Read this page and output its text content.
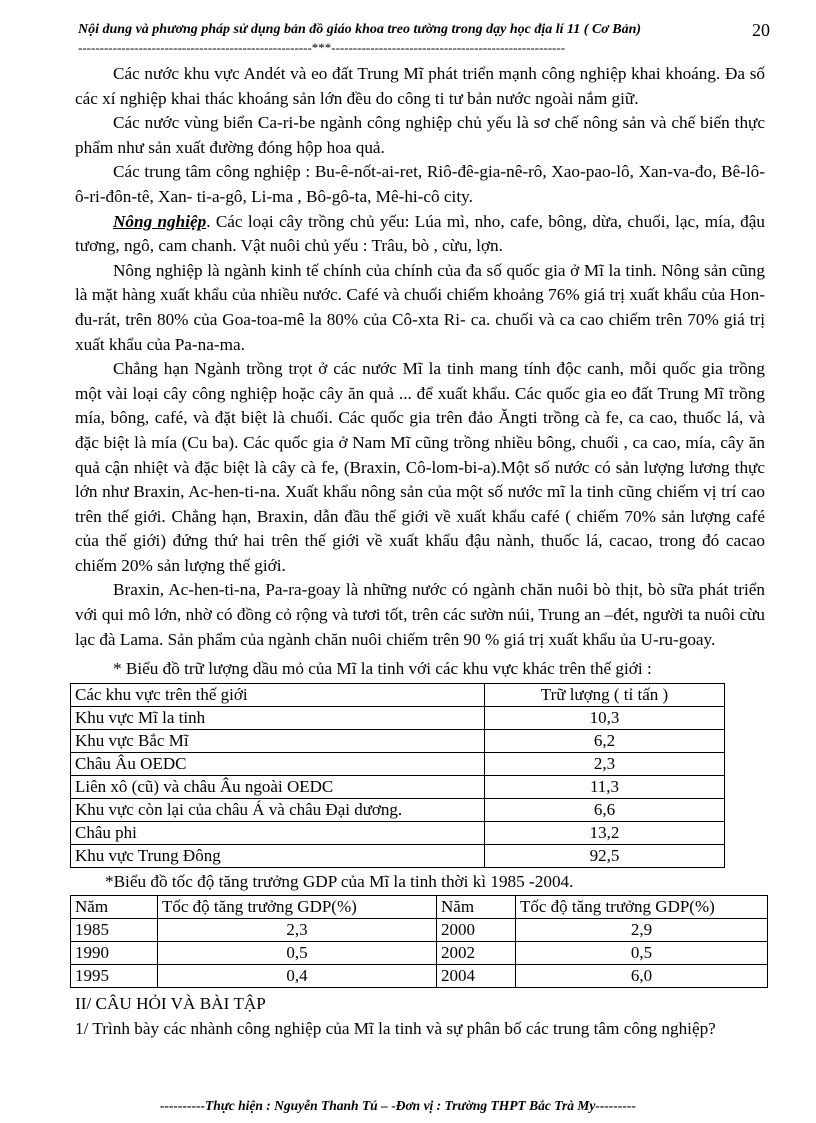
Nội dung và phương pháp sử dụng bản đồ giáo khoa treo tường trong dạy học địa lí 11 ( Cơ Bản)	20
------------------------------------------------------***------------------------------------------------------

Các nước khu vực Andét và eo đất Trung Mĩ phát triển mạnh công nghiệp khai khoáng. Đa số các xí nghiệp khai thác khoáng sản lớn đều do công ti tư bản nước ngoài nắm giữ.

Các nước vùng biển Ca-ri-be ngành công nghiệp chủ yếu là sơ chế nông sản và chế biến thực phẩm như sản xuất đường đóng hộp hoa quả.

Các trung tâm công nghiệp : Bu-ê-nốt-ai-ret, Riô-đê-gia-nê-rô, Xao-pao-lô, Xan-va-đo, Bê-lô-ô-ri-đôn-tê, Xan- ti-a-gô, Li-ma , Bô-gô-ta, Mê-hi-cô city.

Nông nghiệp. Các loại cây trồng chủ yếu: Lúa mì, nho, cafe, bông, dừa, chuối, lạc, mía, đậu tương, ngô, cam chanh. Vật nuôi chủ yếu : Trâu, bò , cừu, lợn.

Nông nghiệp là ngành kinh tế chính của chính của đa số quốc gia ở Mĩ la tinh. Nông sản cũng là mặt hàng xuất khẩu của nhiều nước. Café và chuối chiếm khoảng 76% giá trị xuất khẩu của Hon-đu-rát, trên 80% của Goa-toa-mê la 80% của Cô-xta Ri- ca. chuối và ca cao chiếm trên 70% giá trị xuất khẩu của Pa-na-ma.

Chẳng hạn Ngành trồng trọt ở các nước Mĩ la tinh mang tính độc canh, mỗi quốc gia trồng một vài loại cây công nghiệp hoặc cây ăn quả ... để xuất khẩu. Các quốc gia eo đất Trung Mĩ trồng mía, bông, café, và đặt biệt là chuối. Các quốc gia trên đảo Ăngti trồng cà fe, ca cao, thuốc lá, và đặc biệt là mía (Cu ba). Các quốc gia ở Nam Mĩ cũng trồng nhiều bông, chuối , ca cao, mía, cây ăn quả cận nhiệt và đặc biệt là cây cà fe, (Braxin, Cô-lom-bi-a).Một số nước có sản lượng lương thực lớn như Braxin, Ac-hen-ti-na. Xuất khẩu nông sản của một số nước mĩ la tinh cũng chiếm vị trí cao trên thế giới. Chẳng hạn, Braxin, dẫn đầu thế giới về xuất khẩu café ( chiếm 70% sản lượng café của thế giới) đứng thứ hai trên thế giới về xuất khẩu đậu nành, thuốc lá, cacao, trong đó cacao chiếm 20% sản lượng thế giới.

Braxin, Ac-hen-ti-na, Pa-ra-goay là những nước có ngành chăn nuôi bò thịt, bò sữa phát triển với qui mô lớn, nhờ có đồng cỏ rộng và tươi tốt, trên các sườn núi, Trung an –đét, người ta nuôi cừu lạc đà Lama. Sản phẩm của ngành chăn nuôi chiếm trên 90 % giá trị xuất khẩu ủa U-ru-goay.

* Biểu đồ trữ lượng dầu mỏ của Mĩ la tinh với các khu vực khác trên thế giới :
Các khu vực trên thế giới	Trữ lượng ( tỉ tấn )
Khu vực Mĩ la tinh	10,3
Khu vực Bắc Mĩ	6,2
Châu Âu OEDC	2,3
Liên xô (cũ) và châu Âu ngoài OEDC	11,3
Khu vực còn lại của châu Á và châu Đại dương.	6,6
Châu phi	13,2
Khu vực Trung Đông	92,5
*Biểu đồ tốc độ tăng trưởng GDP của Mĩ la tinh thời kì 1985 -2004.
Năm	Tốc độ tăng trưởng GDP(%)	Năm	Tốc độ tăng trưởng GDP(%)
1985	2,3	2000	2,9
1990	0,5	2002	0,5
1995	0,4	2004	6,0
II/ CÂU HỎI VÀ BÀI TẬP
1/ Trình bày các nhành công nghiệp của Mĩ la tinh và sự phân bố các trung tâm công nghiệp?
----------Thực hiện : Nguyễn Thanh Tú – -Đơn vị : Trường THPT Bắc Trà My---------
